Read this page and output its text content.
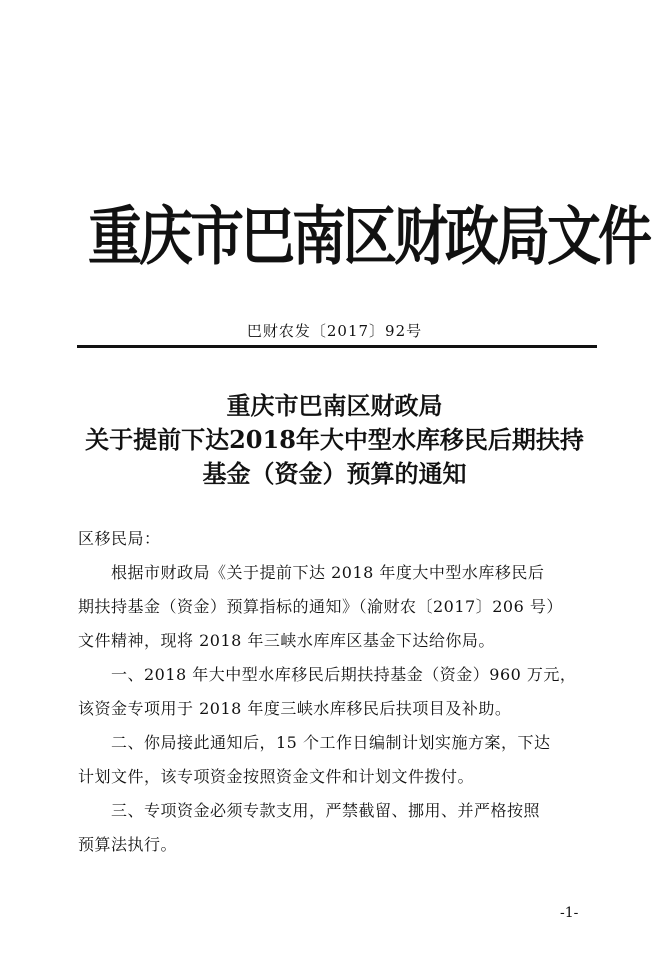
重庆市巴南区财政局文件
巴财农发〔2017〕92号
重庆市巴南区财政局
关于提前下达2018年大中型水库移民后期扶持
基金（资金）预算的通知
区移民局：
　　根据市财政局《关于提前下达 2018 年度大中型水库移民后
期扶持基金（资金）预算指标的通知》（渝财农〔2017〕206 号）
文件精神，现将 2018 年三峡水库库区基金下达给你局。
　　一、2018 年大中型水库移民后期扶持基金（资金）960 万元，
该资金专项用于 2018 年度三峡水库移民后扶项目及补助。
　　二、你局接此通知后，15 个工作日编制计划实施方案，下达
计划文件，该专项资金按照资金文件和计划文件拨付。
　　三、专项资金必须专款支用，严禁截留、挪用、并严格按照
预算法执行。
-1-
